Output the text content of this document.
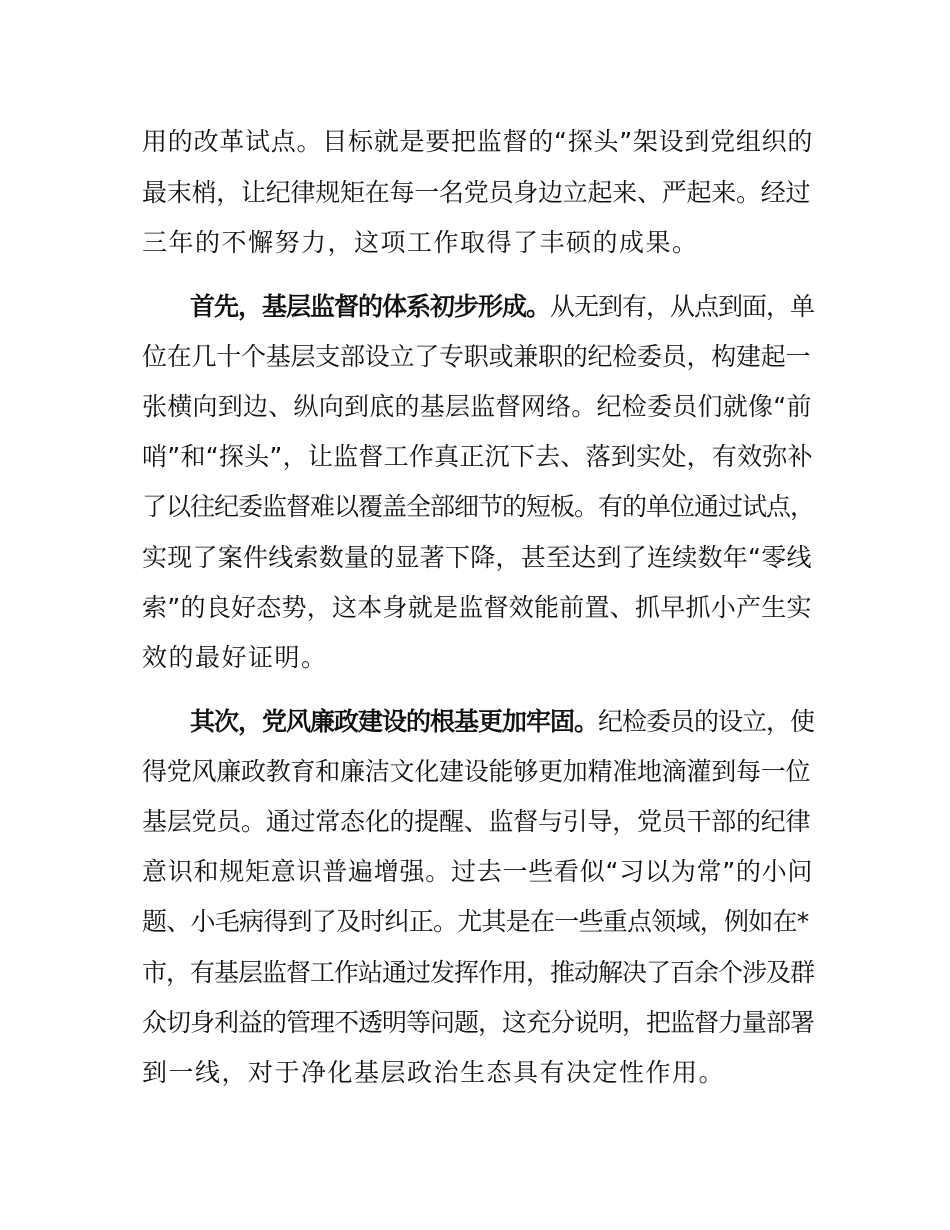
用的改革试点。目标就是要把监督的“探头”架设到党组织的
最末梢，让纪律规矩在每一名党员身边立起来、严起来。经过
三年的不懈努力，这项工作取得了丰硕的成果。
首先，基层监督的体系初步形成。从无到有，从点到面，单
位在几十个基层支部设立了专职或兼职的纪检委员，构建起一
张横向到边、纵向到底的基层监督网络。纪检委员们就像“前
哨”和“探头”，让监督工作真正沉下去、落到实处，有效弥补
了以往纪委监督难以覆盖全部细节的短板。有的单位通过试点，
实现了案件线索数量的显著下降，甚至达到了连续数年“零线
索”的良好态势，这本身就是监督效能前置、抓早抓小产生实
效的最好证明。
其次，党风廉政建设的根基更加牢固。纪检委员的设立，使
得党风廉政教育和廉洁文化建设能够更加精准地滴灌到每一位
基层党员。通过常态化的提醒、监督与引导，党员干部的纪律
意识和规矩意识普遍增强。过去一些看似“习以为常”的小问
题、小毛病得到了及时纠正。尤其是在一些重点领域，例如在*
市，有基层监督工作站通过发挥作用，推动解决了百余个涉及群
众切身利益的管理不透明等问题，这充分说明，把监督力量部署
到一线，对于净化基层政治生态具有决定性作用。
